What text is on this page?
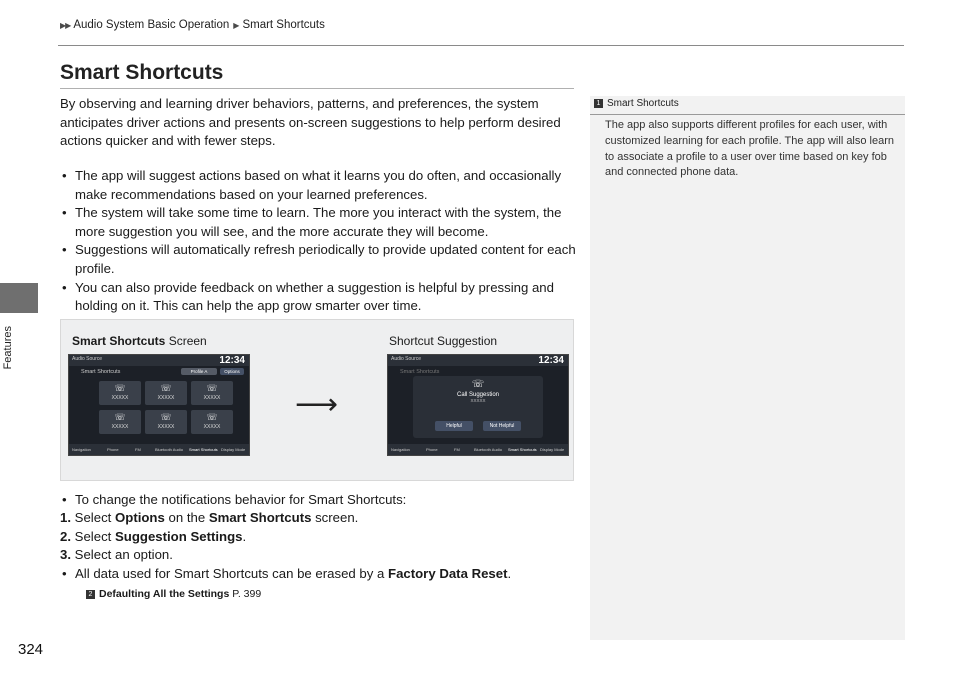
▶▶ Audio System Basic Operation ▶ Smart Shortcuts
Features
324
Smart Shortcuts

By observing and learning driver behaviors, patterns, and preferences, the system anticipates driver actions and presents on-screen suggestions to help perform desired actions quicker and with fewer steps.

• The app will suggest actions based on what it learns you do often, and occasionally make recommendations based on your learned preferences.
• The system will take some time to learn. The more you interact with the system, the more suggestion you will see, and the more accurate they will become.
• Suggestions will automatically refresh periodically to provide updated content for each profile.
• You can also provide feedback on whether a suggestion is helpful by pressing and holding on it. This can help the app grow smarter over time.
Smart Shortcuts Screen	Shortcut Suggestion
⟶
Audio Source	12:34
Smart Shortcuts	Profile A	Options
☏
XXXXX
☏
XXXXX
☏
XXXXX
☏
XXXXX
☏
XXXXX
☏
XXXXX
Navigation	Phone	FM	Bluetooth Audio Smart Shortcuts Display Mode
Audio Source	12:34
Smart Shortcuts
☏
Call Suggestion
XXXXX
Helpful	Not Helpful
Navigation	Phone	FM	Bluetooth Audio Smart Shortcuts Display Mode
• To change the notifications behavior for Smart Shortcuts:
1. Select Options on the Smart Shortcuts screen.
2. Select Suggestion Settings.
3. Select an option.
• All data used for Smart Shortcuts can be erased by a Factory Data Reset.
2 Defaulting All the Settings P. 399
1 Smart Shortcuts

The app also supports different profiles for each user, with customized learning for each profile. The app will also learn to associate a profile to a user over time based on key fob and connected phone data.
